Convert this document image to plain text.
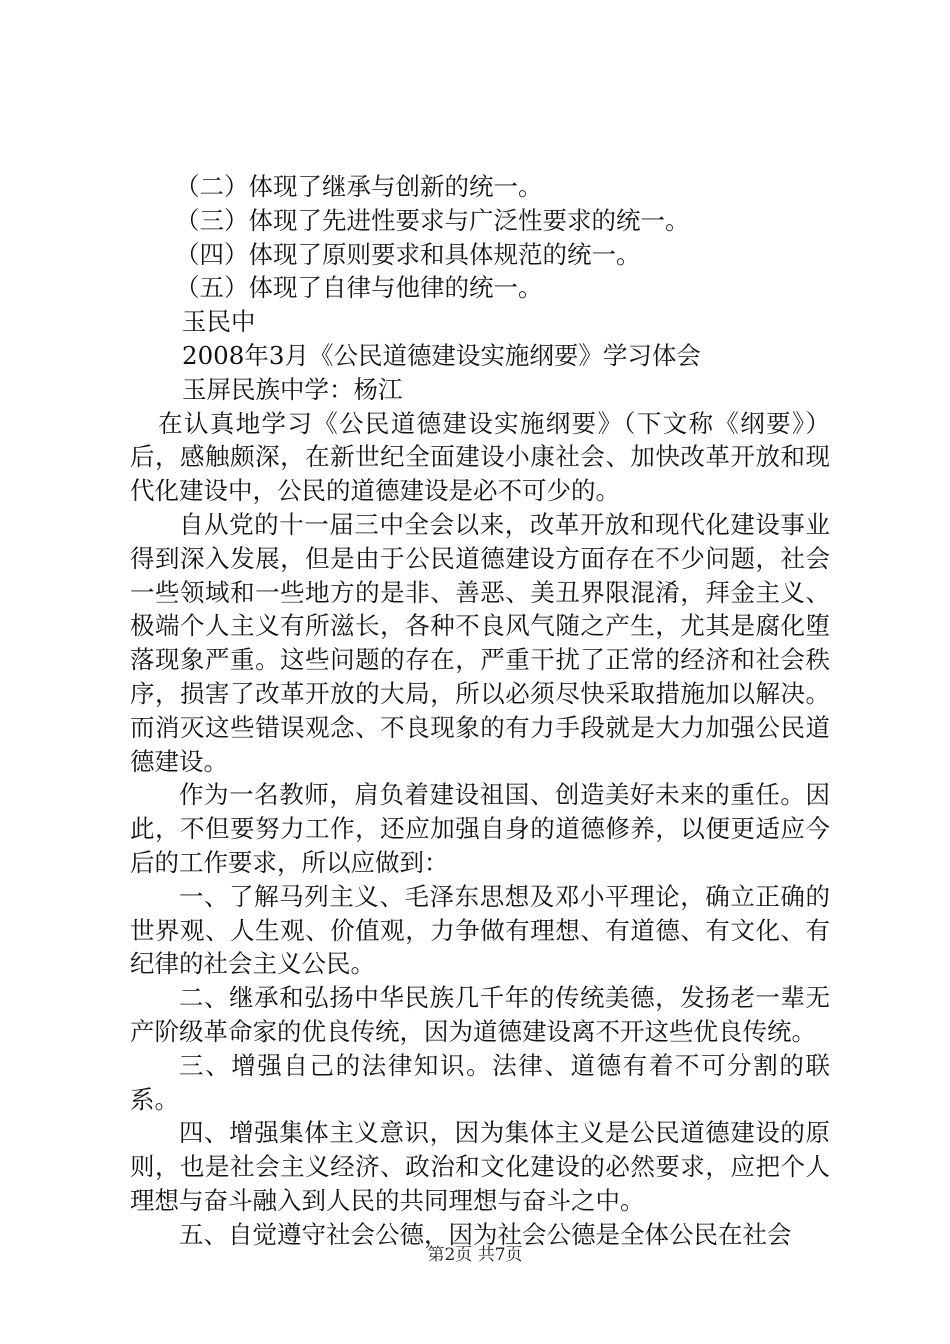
（二）体现了继承与创新的统一。

（三）体现了先进性要求与广泛性要求的统一。

（四）体现了原则要求和具体规范的统一。

（五）体现了自律与他律的统一。

玉民中

2008年3月《公民道德建设实施纲要》学习体会

玉屏民族中学：杨江

在认真地学习《公民道德建设实施纲要》（下文称《纲要》）后，感触颇深，在新世纪全面建设小康社会、加快改革开放和现代化建设中，公民的道德建设是必不可少的。

自从党的十一届三中全会以来，改革开放和现代化建设事业得到深入发展，但是由于公民道德建设方面存在不少问题，社会一些领域和一些地方的是非、善恶、美丑界限混淆，拜金主义、极端个人主义有所滋长，各种不良风气随之产生，尤其是腐化堕落现象严重。这些问题的存在，严重干扰了正常的经济和社会秩序，损害了改革开放的大局，所以必须尽快采取措施加以解决。而消灭这些错误观念、不良现象的有力手段就是大力加强公民道德建设。

作为一名教师，肩负着建设祖国、创造美好未来的重任。因此，不但要努力工作，还应加强自身的道德修养，以便更适应今后的工作要求，所以应做到：

一、了解马列主义、毛泽东思想及邓小平理论，确立正确的世界观、人生观、价值观，力争做有理想、有道德、有文化、有纪律的社会主义公民。

二、继承和弘扬中华民族几千年的传统美德，发扬老一辈无产阶级革命家的优良传统，因为道德建设离不开这些优良传统。

三、增强自己的法律知识。法律、道德有着不可分割的联系。

四、增强集体主义意识，因为集体主义是公民道德建设的原则，也是社会主义经济、政治和文化建设的必然要求，应把个人理想与奋斗融入到人民的共同理想与奋斗之中。

五、自觉遵守社会公德，因为社会公德是全体公民在社会

第2页 共7页
